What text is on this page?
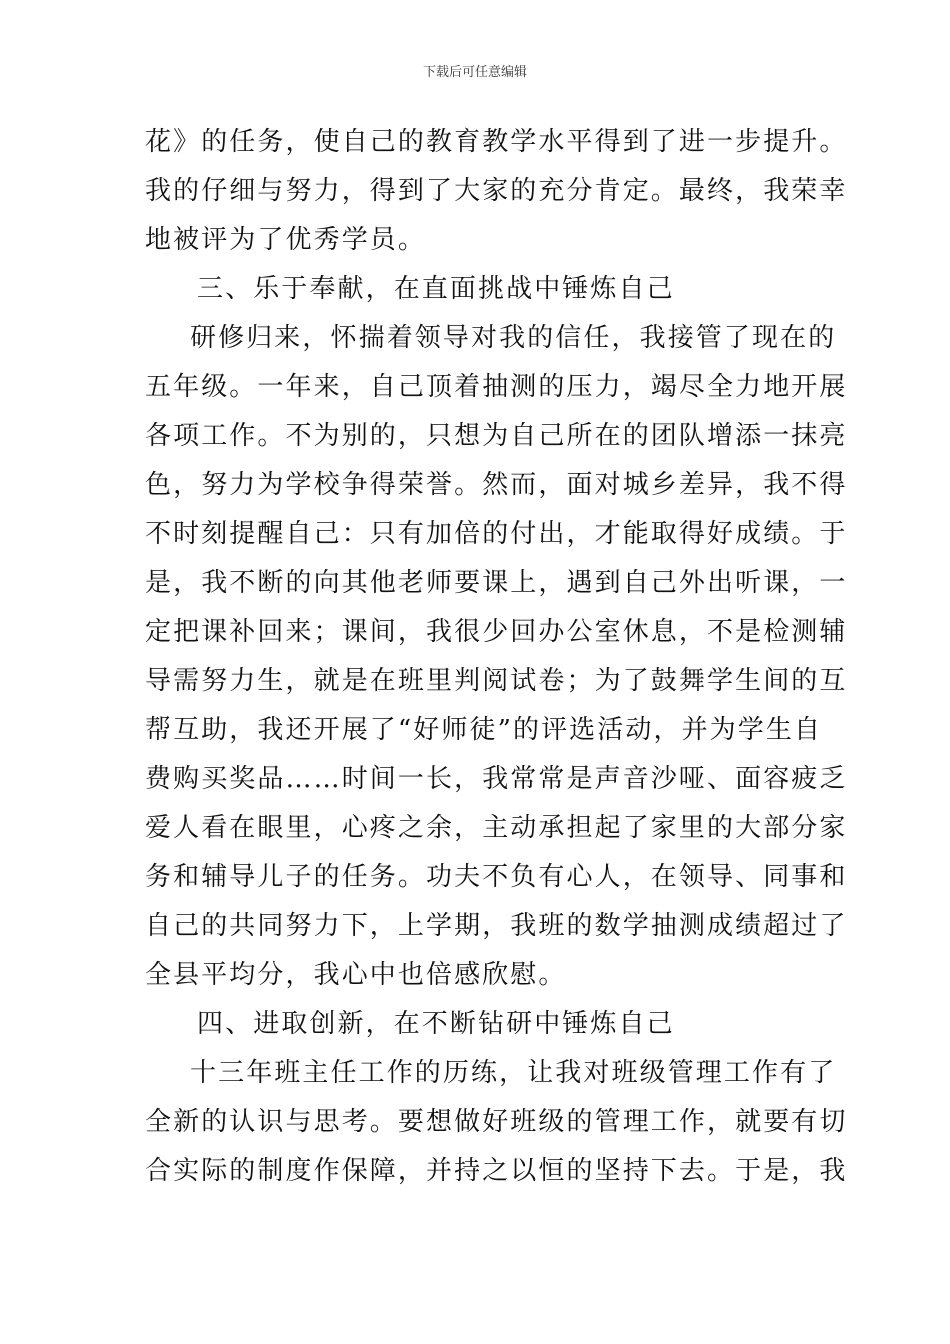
下载后可任意编辑
花》的任务，使自己的教育教学水平得到了进一步提升。
我的仔细与努力，得到了大家的充分肯定。最终，我荣幸
地被评为了优秀学员。
三、乐于奉献，在直面挑战中锤炼自己
研修归来，怀揣着领导对我的信任，我接管了现在的
五年级。一年来，自己顶着抽测的压力，竭尽全力地开展
各项工作。不为别的，只想为自己所在的团队增添一抹亮
色，努力为学校争得荣誉。然而，面对城乡差异，我不得
不时刻提醒自己：只有加倍的付出，才能取得好成绩。于
是，我不断的向其他老师要课上，遇到自己外出听课，一
定把课补回来；课间，我很少回办公室休息，不是检测辅
导需努力生，就是在班里判阅试卷；为了鼓舞学生间的互
帮互助，我还开展了“好师徒”的评选活动，并为学生自
费购买奖品……时间一长，我常常是声音沙哑、面容疲乏
爱人看在眼里，心疼之余，主动承担起了家里的大部分家
务和辅导儿子的任务。功夫不负有心人，在领导、同事和
自己的共同努力下，上学期，我班的数学抽测成绩超过了
全县平均分，我心中也倍感欣慰。
四、进取创新，在不断钻研中锤炼自己
十三年班主任工作的历练，让我对班级管理工作有了
全新的认识与思考。要想做好班级的管理工作，就要有切
合实际的制度作保障，并持之以恒的坚持下去。于是，我
